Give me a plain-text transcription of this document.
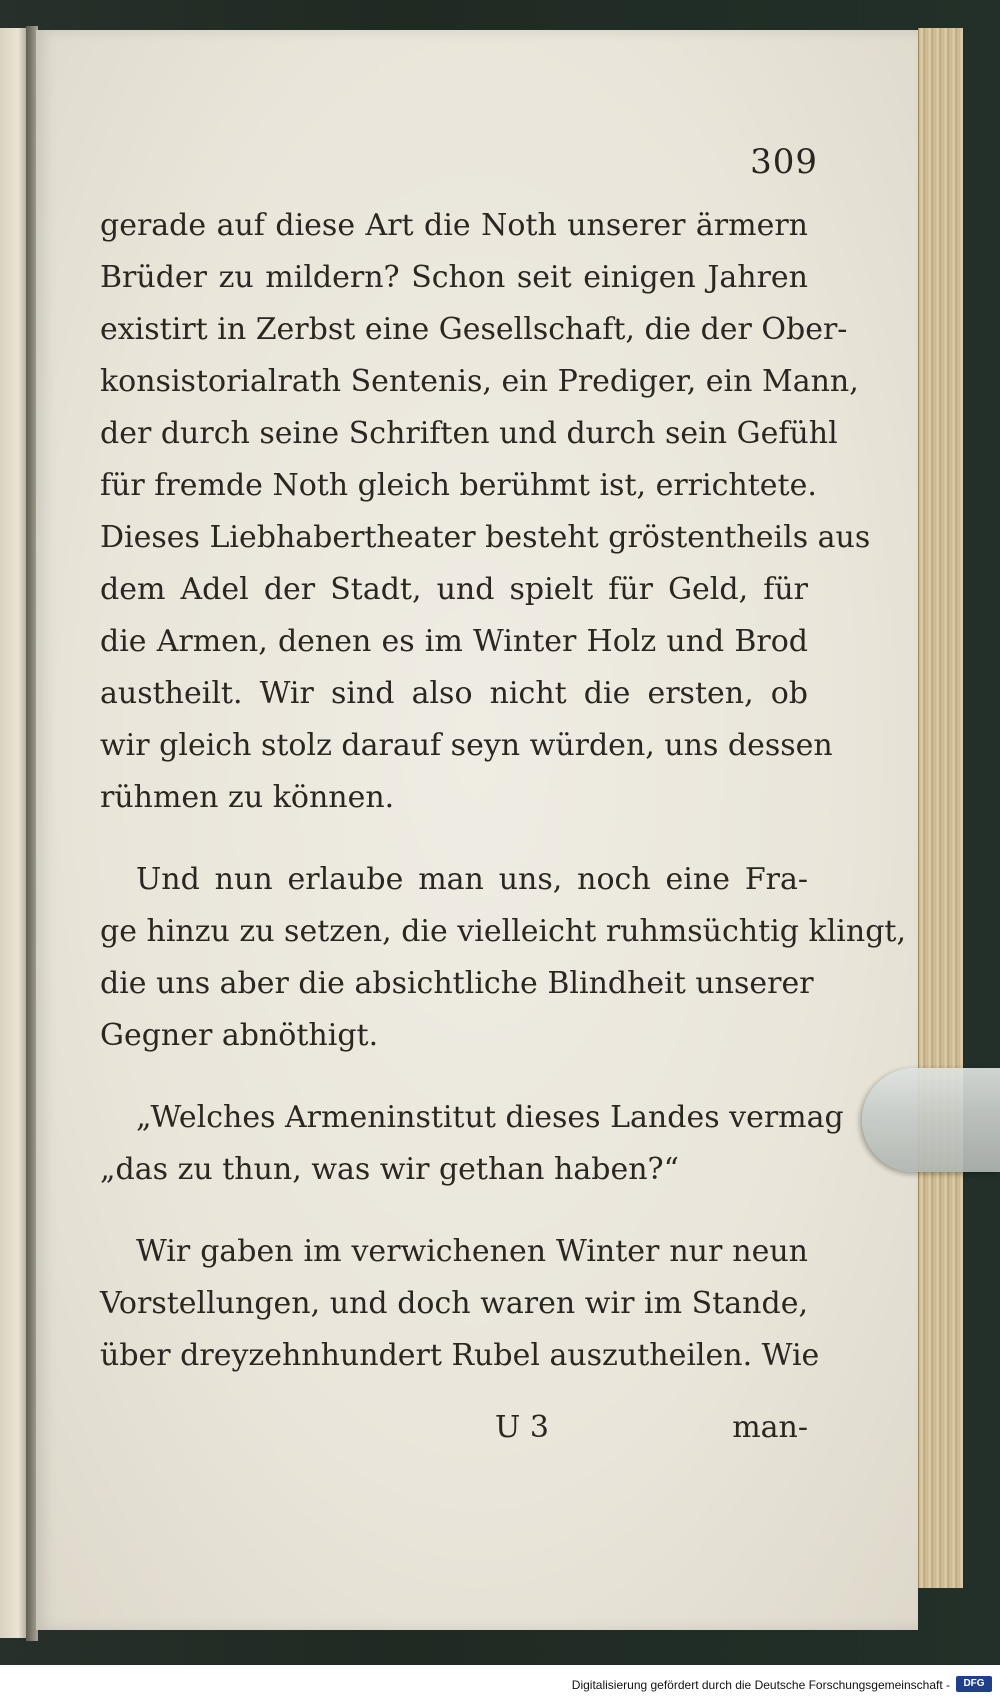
309
gerade auf diese Art die Noth unserer ärmern
Brüder zu mildern? Schon seit einigen Jahren
existirt in Zerbst eine Gesellschaft, die der Ober-
konsistorialrath Sentenis, ein Prediger, ein Mann,
der durch seine Schriften und durch sein Gefühl
für fremde Noth gleich berühmt ist, errichtete.
Dieses Liebhabertheater besteht gröstentheils aus
dem Adel der Stadt, und spielt für Geld, für
die Armen, denen es im Winter Holz und Brod
austheilt. Wir sind also nicht die ersten, ob
wir gleich stolz darauf seyn würden, uns dessen
rühmen zu können.
Und nun erlaube man uns, noch eine Fra-
ge hinzu zu setzen, die vielleicht ruhmsüchtig klingt,
die uns aber die absichtliche Blindheit unserer
Gegner abnöthigt.
„Welches Armeninstitut dieses Landes vermag
„das zu thun, was wir gethan haben?“
Wir gaben im verwichenen Winter nur neun
Vorstellungen, und doch waren wir im Stande,
über dreyzehnhundert Rubel auszutheilen. Wie
U 3	man-
Digitalisierung gefördert durch die Deutsche Forschungsgemeinschaft -	DFG
